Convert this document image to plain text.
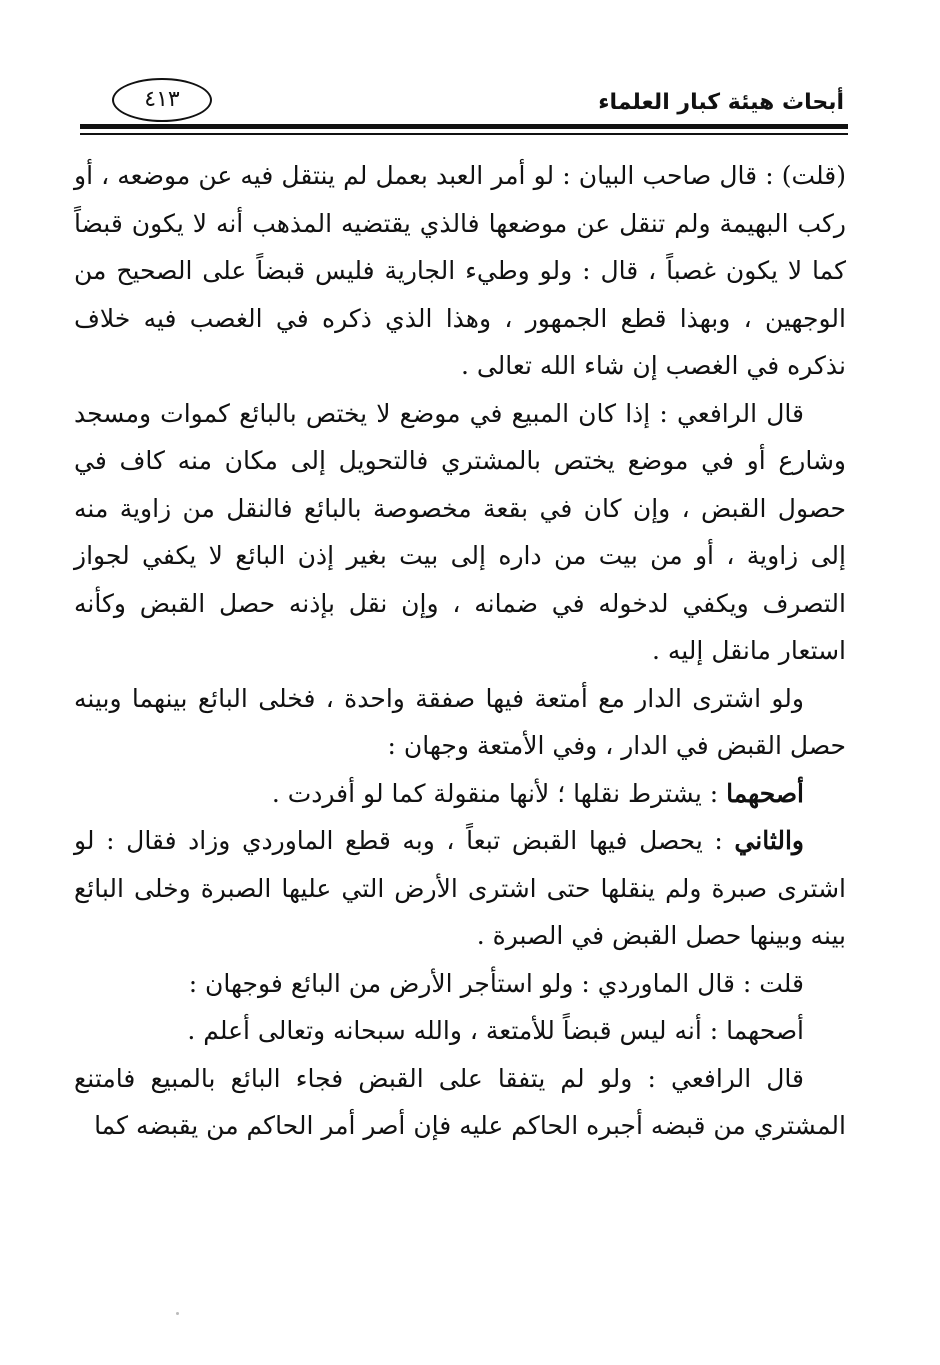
أبحاث هيئة كبار العلماء
٤١٣

(قلت) : قال صاحب البيان : لو أمر العبد بعمل لم ينتقل فيه عن موضعه ، أو ركب البهيمة ولم تنقل عن موضعها فالذي يقتضيه المذهب أنه لا يكون قبضاً كما لا يكون غصباً ، قال : ولو وطيء الجارية فليس قبضاً على الصحيح من الوجهين ، وبهذا قطع الجمهور ، وهذا الذي ذكره في الغصب فيه خلاف نذكره في الغصب إن شاء الله تعالى .

قال الرافعي : إذا كان المبيع في موضع لا يختص بالبائع كموات ومسجد وشارع أو في موضع يختص بالمشتري فالتحويل إلى مكان منه كاف في حصول القبض ، وإن كان في بقعة مخصوصة بالبائع فالنقل من زاوية منه إلى زاوية ، أو من بيت من داره إلى بيت بغير إذن البائع لا يكفي لجواز التصرف ويكفي لدخوله في ضمانه ، وإن نقل بإذنه حصل القبض وكأنه استعار مانقل إليه .

ولو اشترى الدار مع أمتعة فيها صفقة واحدة ، فخلى البائع بينهما وبينه حصل القبض في الدار ، وفي الأمتعة وجهان :

أصحهما : يشترط نقلها ؛ لأنها منقولة كما لو أفردت .

والثاني : يحصل فيها القبض تبعاً ، وبه قطع الماوردي وزاد فقال : لو اشترى صبرة ولم ينقلها حتى اشترى الأرض التي عليها الصبرة وخلى البائع بينه وبينها حصل القبض في الصبرة .

قلت : قال الماوردي : ولو استأجر الأرض من البائع فوجهان :

أصحهما : أنه ليس قبضاً للأمتعة ، والله سبحانه وتعالى أعلم .

قال الرافعي : ولو لم يتفقا على القبض فجاء البائع بالمبيع فامتنع المشتري من قبضه أجبره الحاكم عليه فإن أصر أمر الحاكم من يقبضه كما
